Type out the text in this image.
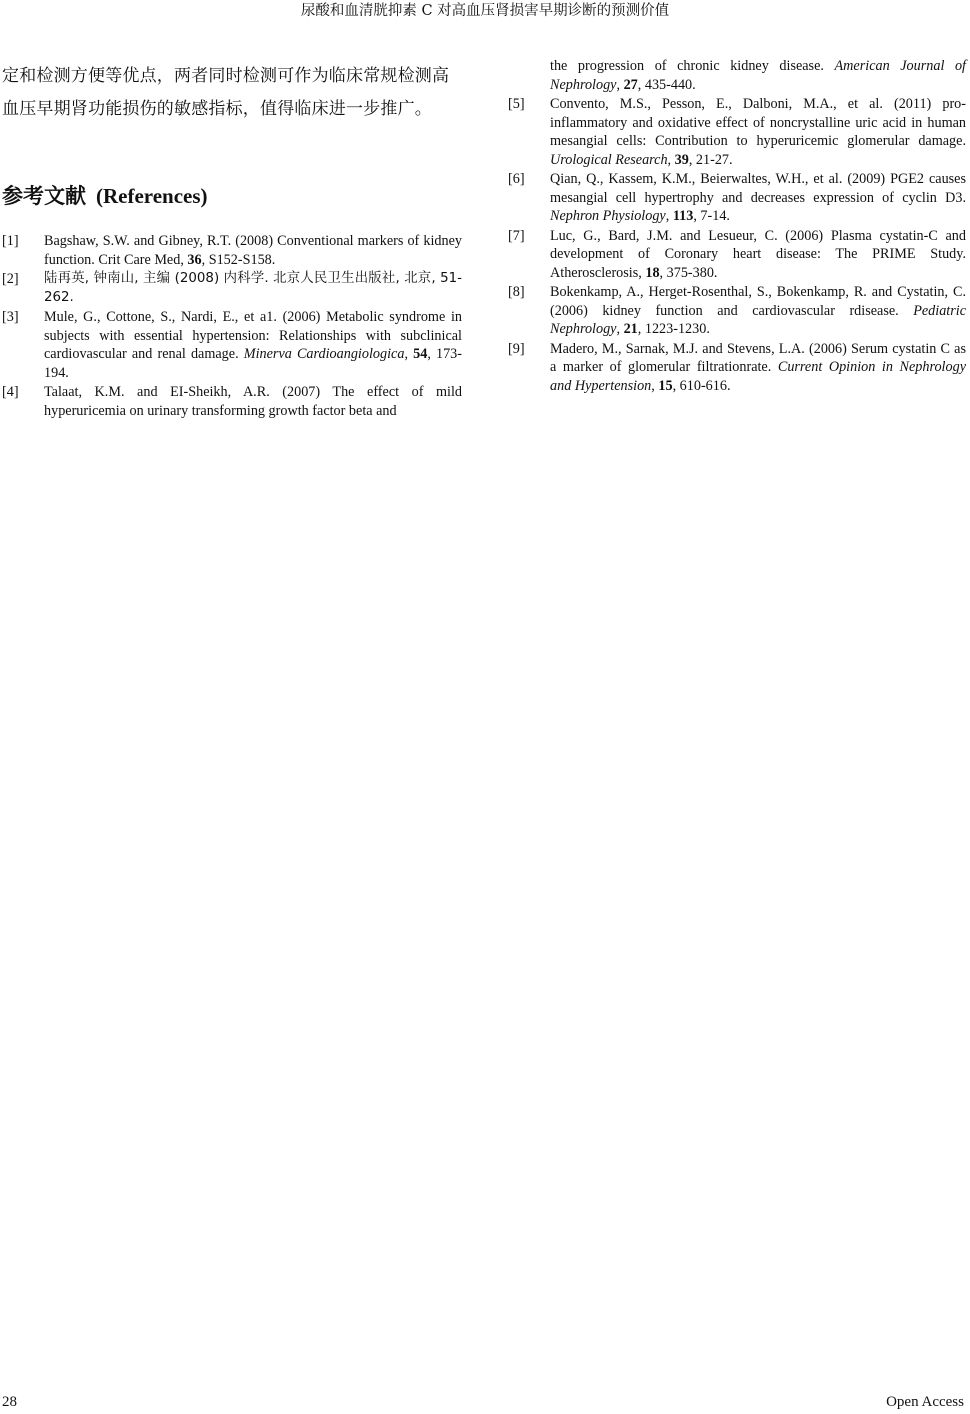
尿酸和血清胱抑素 C 对高血压肾损害早期诊断的预测价值

定和检测方便等优点，两者同时检测可作为临床常规检测高血压早期肾功能损伤的敏感指标，值得临床进一步推广。

参考文献 (References)
[1]	Bagshaw, S.W. and Gibney, R.T. (2008) Conventional markers of kidney function. Crit Care Med, 36, S152-S158.
[2]	陆再英, 钟南山, 主编 (2008) 内科学. 北京人民卫生出版社, 北京, 51-262.
[3]	Mule, G., Cottone, S., Nardi, E., et a1. (2006) Metabolic syndrome in subjects with essential hypertension: Relationships with subclinical cardiovascular and renal damage. Minerva Cardioangiologica, 54, 173-194.
[4]	Talaat, K.M. and EI-Sheikh, A.R. (2007) The effect of mild hyperuricemia on urinary transforming growth factor beta and
the progression of chronic kidney disease. American Journal of Nephrology, 27, 435-440.
[5]	Convento, M.S., Pesson, E., Dalboni, M.A., et al. (2011) pro-inflammatory and oxidative effect of noncrystalline uric acid in human mesangial cells: Contribution to hyperuricemic glomerular damage. Urological Research, 39, 21-27.
[6]	Qian, Q., Kassem, K.M., Beierwaltes, W.H., et al. (2009) PGE2 causes mesangial cell hypertrophy and decreases expression of cyclin D3. Nephron Physiology, 113, 7-14.
[7]	Luc, G., Bard, J.M. and Lesueur, C. (2006) Plasma cystatin-C and development of Coronary heart disease: The PRIME Study. Atherosclerosis, 18, 375-380.
[8]	Bokenkamp, A., Herget-Rosenthal, S., Bokenkamp, R. and Cystatin, C. (2006) kidney function and cardiovascular rdisease. Pediatric Nephrology, 21, 1223-1230.
[9]	Madero, M., Sarnak, M.J. and Stevens, L.A. (2006) Serum cystatin C as a marker of glomerular filtrationrate. Current Opinion in Nephrology and Hypertension, 15, 610-616.
28	Open Access
